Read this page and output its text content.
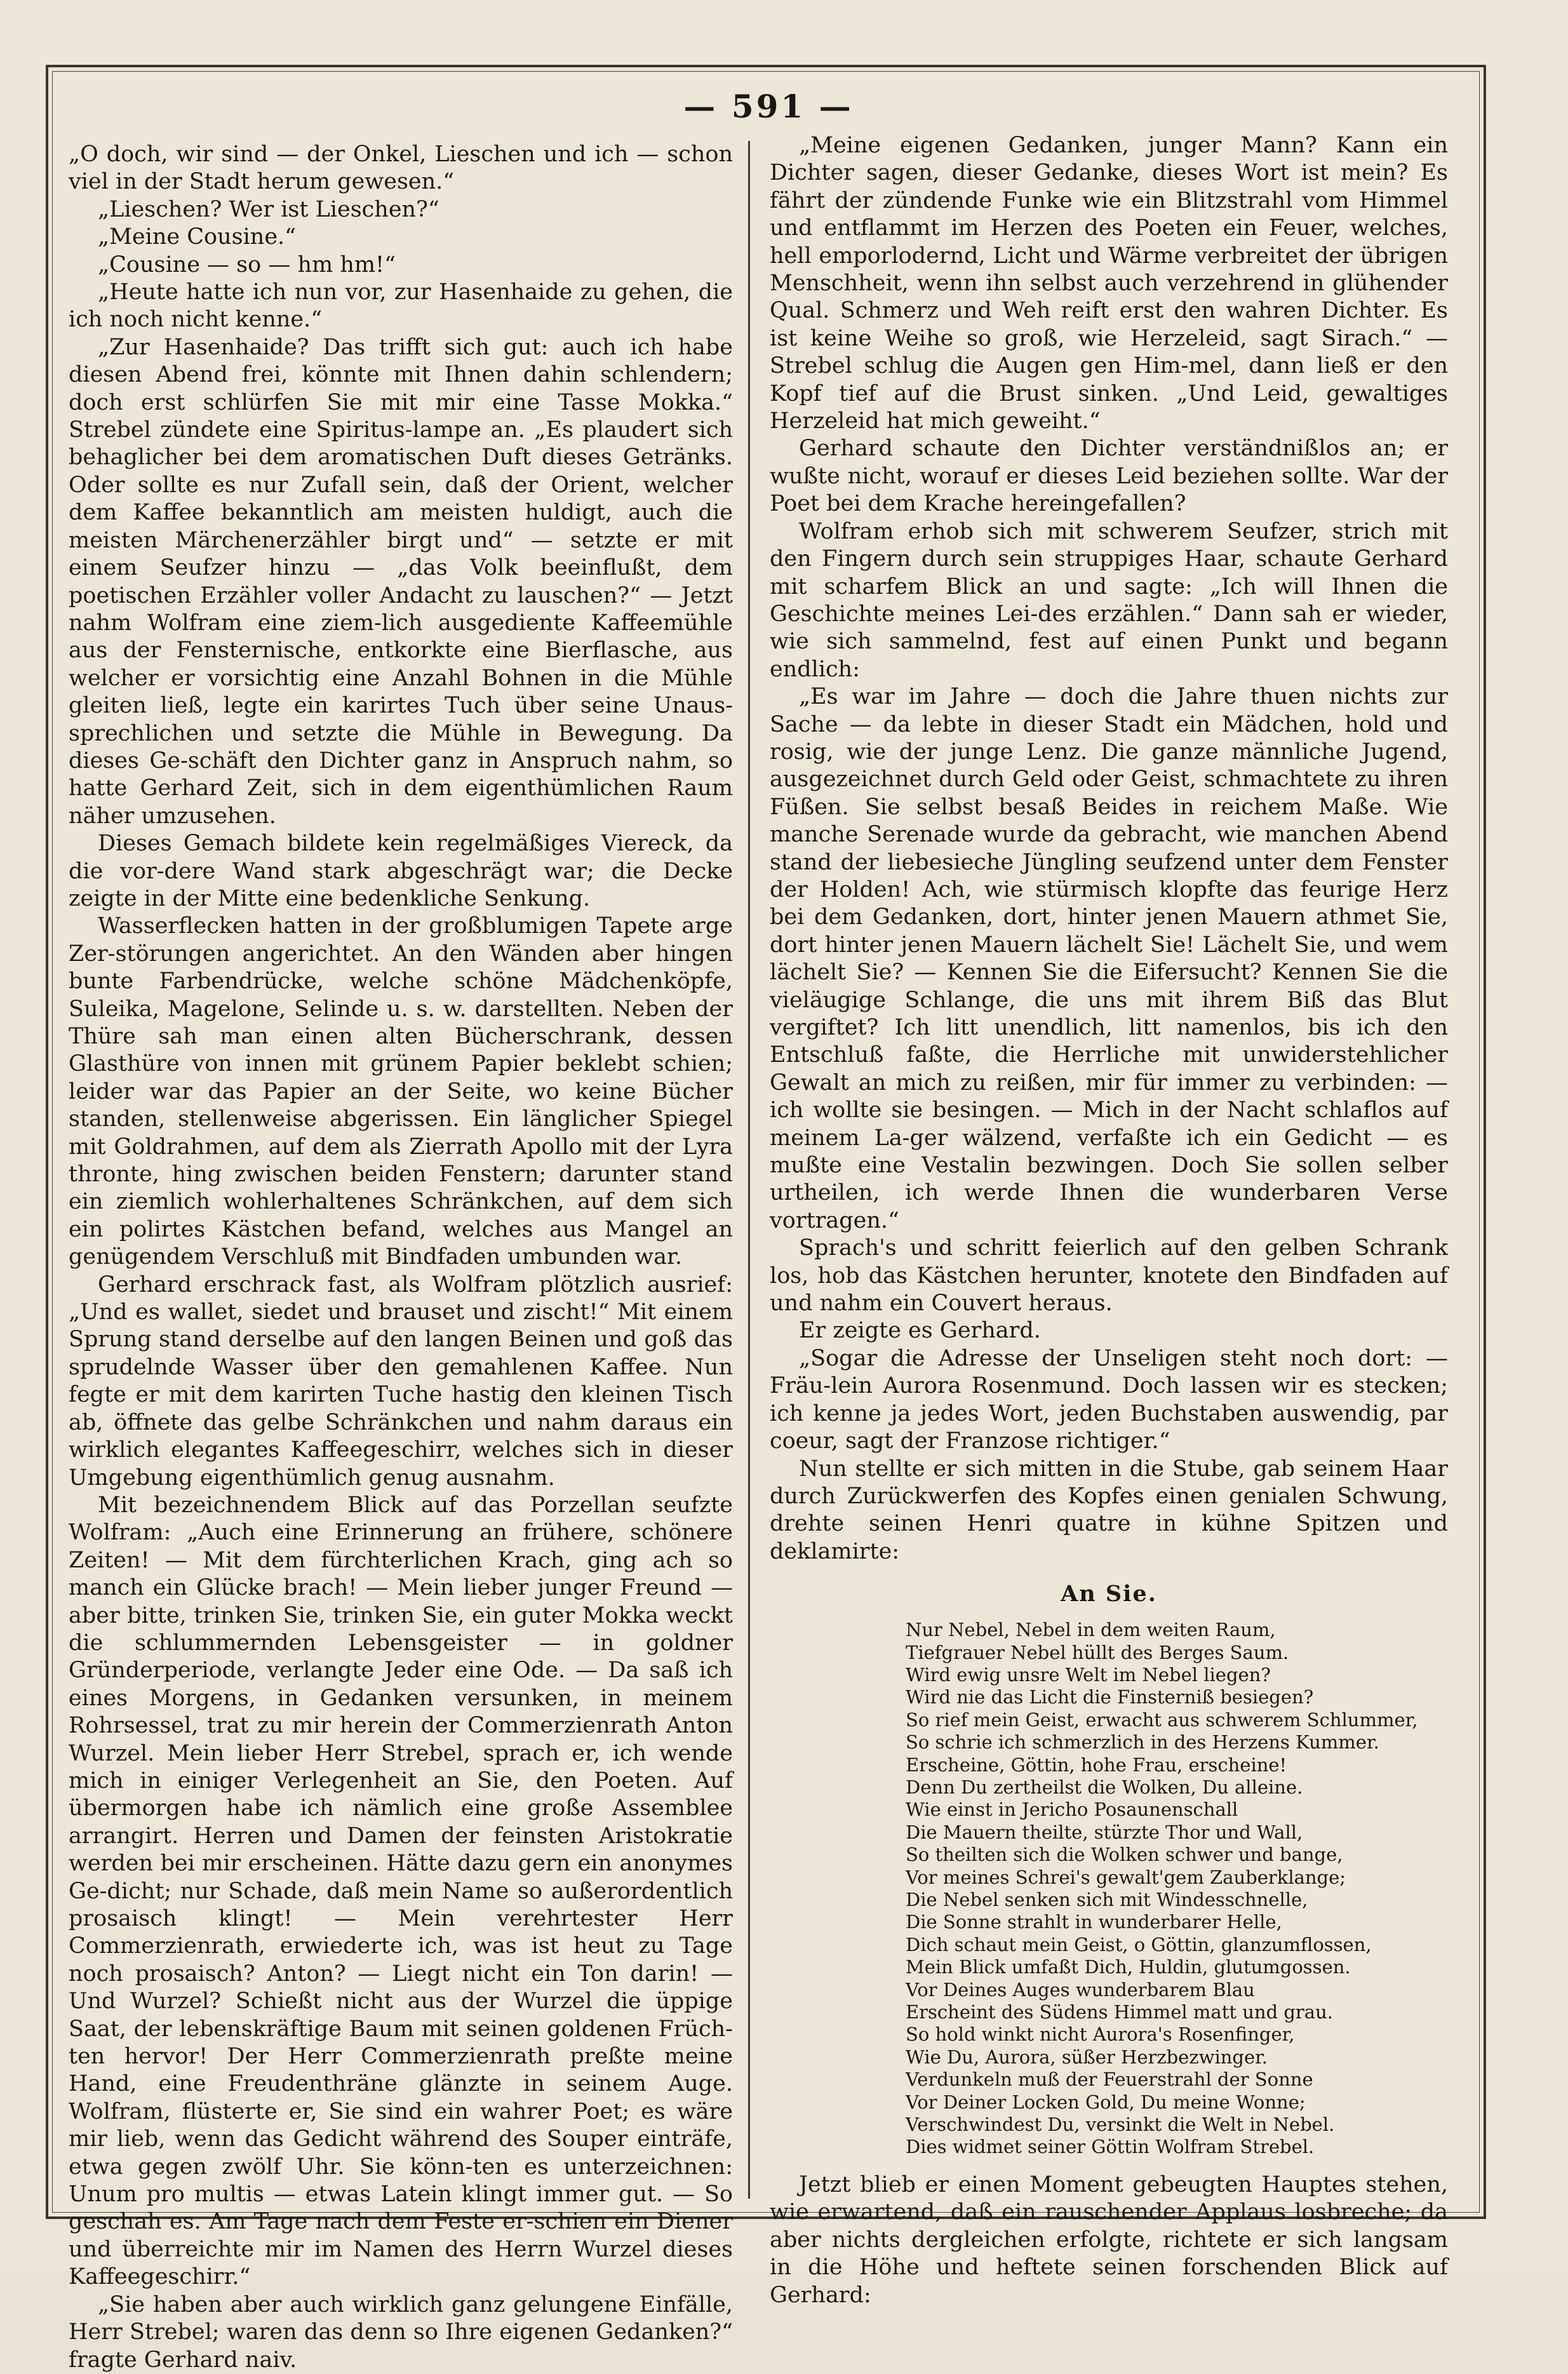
— 591 —

„O doch, wir sind — der Onkel, Lieschen und ich — schon viel in der Stadt herum gewesen.“

„Lieschen? Wer ist Lieschen?“

„Meine Cousine.“

„Cousine — so — hm hm!“

„Heute hatte ich nun vor, zur Hasenhaide zu gehen, die ich noch nicht kenne.“

„Zur Hasenhaide? Das trifft sich gut: auch ich habe diesen Abend frei, könnte mit Ihnen dahin schlendern; doch erst schlürfen Sie mit mir eine Tasse Mokka.“ Strebel zündete eine Spiritus-lampe an. „Es plaudert sich behaglicher bei dem aromatischen Duft dieses Getränks. Oder sollte es nur Zufall sein, daß der Orient, welcher dem Kaffee bekanntlich am meisten huldigt, auch die meisten Märchenerzähler birgt und“ — setzte er mit einem Seufzer hinzu — „das Volk beeinflußt, dem poetischen Erzähler voller Andacht zu lauschen?“ — Jetzt nahm Wolfram eine ziem-lich ausgediente Kaffeemühle aus der Fensternische, entkorkte eine Bierflasche, aus welcher er vorsichtig eine Anzahl Bohnen in die Mühle gleiten ließ, legte ein karirtes Tuch über seine Unaus-sprechlichen und setzte die Mühle in Bewegung. Da dieses Ge-schäft den Dichter ganz in Anspruch nahm, so hatte Gerhard Zeit, sich in dem eigenthümlichen Raum näher umzusehen.

Dieses Gemach bildete kein regelmäßiges Viereck, da die vor-dere Wand stark abgeschrägt war; die Decke zeigte in der Mitte eine bedenkliche Senkung.

Wasserflecken hatten in der großblumigen Tapete arge Zer-störungen angerichtet. An den Wänden aber hingen bunte Farbendrücke, welche schöne Mädchenköpfe, Suleika, Magelone, Selinde u. s. w. darstellten. Neben der Thüre sah man einen alten Bücherschrank, dessen Glasthüre von innen mit grünem Papier beklebt schien; leider war das Papier an der Seite, wo keine Bücher standen, stellenweise abgerissen. Ein länglicher Spiegel mit Goldrahmen, auf dem als Zierrath Apollo mit der Lyra thronte, hing zwischen beiden Fenstern; darunter stand ein ziemlich wohlerhaltenes Schränkchen, auf dem sich ein polirtes Kästchen befand, welches aus Mangel an genügendem Verschluß mit Bindfaden umbunden war.

Gerhard erschrack fast, als Wolfram plötzlich ausrief: „Und es wallet, siedet und brauset und zischt!“ Mit einem Sprung stand derselbe auf den langen Beinen und goß das sprudelnde Wasser über den gemahlenen Kaffee. Nun fegte er mit dem karirten Tuche hastig den kleinen Tisch ab, öffnete das gelbe Schränkchen und nahm daraus ein wirklich elegantes Kaffeegeschirr, welches sich in dieser Umgebung eigenthümlich genug ausnahm.

Mit bezeichnendem Blick auf das Porzellan seufzte Wolfram: „Auch eine Erinnerung an frühere, schönere Zeiten! — Mit dem fürchterlichen Krach, ging ach so manch ein Glücke brach! — Mein lieber junger Freund — aber bitte, trinken Sie, trinken Sie, ein guter Mokka weckt die schlummernden Lebensgeister — in goldner Gründerperiode, verlangte Jeder eine Ode. — Da saß ich eines Morgens, in Gedanken versunken, in meinem Rohrsessel, trat zu mir herein der Commerzienrath Anton Wurzel. Mein lieber Herr Strebel, sprach er, ich wende mich in einiger Verlegenheit an Sie, den Poeten. Auf übermorgen habe ich nämlich eine große Assemblee arrangirt. Herren und Damen der feinsten Aristokratie werden bei mir erscheinen. Hätte dazu gern ein anonymes Ge-dicht; nur Schade, daß mein Name so außerordentlich prosaisch klingt! — Mein verehrtester Herr Commerzienrath, erwiederte ich, was ist heut zu Tage noch prosaisch? Anton? — Liegt nicht ein Ton darin! — Und Wurzel? Schießt nicht aus der Wurzel die üppige Saat, der lebenskräftige Baum mit seinen goldenen Früch-ten hervor! Der Herr Commerzienrath preßte meine Hand, eine Freudenthräne glänzte in seinem Auge. Wolfram, flüsterte er, Sie sind ein wahrer Poet; es wäre mir lieb, wenn das Gedicht während des Souper einträfe, etwa gegen zwölf Uhr. Sie könn-ten es unterzeichnen: Unum pro multis — etwas Latein klingt immer gut. — So geschah es. Am Tage nach dem Feste er-schien ein Diener und überreichte mir im Namen des Herrn Wurzel dieses Kaffeegeschirr.“

„Sie haben aber auch wirklich ganz gelungene Einfälle, Herr Strebel; waren das denn so Ihre eigenen Gedanken?“ fragte Gerhard naiv.

„Meine eigenen Gedanken, junger Mann? Kann ein Dichter sagen, dieser Gedanke, dieses Wort ist mein? Es fährt der zündende Funke wie ein Blitzstrahl vom Himmel und entflammt im Herzen des Poeten ein Feuer, welches, hell emporlodernd, Licht und Wärme verbreitet der übrigen Menschheit, wenn ihn selbst auch verzehrend in glühender Qual. Schmerz und Weh reift erst den wahren Dichter. Es ist keine Weihe so groß, wie Herzeleid, sagt Sirach.“ — Strebel schlug die Augen gen Him-mel, dann ließ er den Kopf tief auf die Brust sinken. „Und Leid, gewaltiges Herzeleid hat mich geweiht.“

Gerhard schaute den Dichter verständnißlos an; er wußte nicht, worauf er dieses Leid beziehen sollte. War der Poet bei dem Krache hereingefallen?

Wolfram erhob sich mit schwerem Seufzer, strich mit den Fingern durch sein struppiges Haar, schaute Gerhard mit scharfem Blick an und sagte: „Ich will Ihnen die Geschichte meines Lei-des erzählen.“ Dann sah er wieder, wie sich sammelnd, fest auf einen Punkt und begann endlich:

„Es war im Jahre — doch die Jahre thuen nichts zur Sache — da lebte in dieser Stadt ein Mädchen, hold und rosig, wie der junge Lenz. Die ganze männliche Jugend, ausgezeichnet durch Geld oder Geist, schmachtete zu ihren Füßen. Sie selbst besaß Beides in reichem Maße. Wie manche Serenade wurde da gebracht, wie manchen Abend stand der liebesieche Jüngling seufzend unter dem Fenster der Holden! Ach, wie stürmisch klopfte das feurige Herz bei dem Gedanken, dort, hinter jenen Mauern athmet Sie, dort hinter jenen Mauern lächelt Sie! Lächelt Sie, und wem lächelt Sie? — Kennen Sie die Eifersucht? Kennen Sie die vieläugige Schlange, die uns mit ihrem Biß das Blut vergiftet? Ich litt unendlich, litt namenlos, bis ich den Entschluß faßte, die Herrliche mit unwiderstehlicher Gewalt an mich zu reißen, mir für immer zu verbinden: — ich wollte sie besingen. — Mich in der Nacht schlaflos auf meinem La-ger wälzend, verfaßte ich ein Gedicht — es mußte eine Vestalin bezwingen. Doch Sie sollen selber urtheilen, ich werde Ihnen die wunderbaren Verse vortragen.“

Sprach's und schritt feierlich auf den gelben Schrank los, hob das Kästchen herunter, knotete den Bindfaden auf und nahm ein Couvert heraus.

Er zeigte es Gerhard.

„Sogar die Adresse der Unseligen steht noch dort: — Fräu-lein Aurora Rosenmund. Doch lassen wir es stecken; ich kenne ja jedes Wort, jeden Buchstaben auswendig, par coeur, sagt der Franzose richtiger.“

Nun stellte er sich mitten in die Stube, gab seinem Haar durch Zurückwerfen des Kopfes einen genialen Schwung, drehte seinen Henri quatre in kühne Spitzen und deklamirte:

An Sie.
Nur Nebel, Nebel in dem weiten Raum,
Tiefgrauer Nebel hüllt des Berges Saum.
Wird ewig unsre Welt im Nebel liegen?
Wird nie das Licht die Finsterniß besiegen?
So rief mein Geist, erwacht aus schwerem Schlummer,
So schrie ich schmerzlich in des Herzens Kummer.
Erscheine, Göttin, hohe Frau, erscheine!
Denn Du zertheilst die Wolken, Du alleine.
Wie einst in Jericho Posaunenschall
Die Mauern theilte, stürzte Thor und Wall,
So theilten sich die Wolken schwer und bange,
Vor meines Schrei's gewalt'gem Zauberklange;
Die Nebel senken sich mit Windesschnelle,
Die Sonne strahlt in wunderbarer Helle,
Dich schaut mein Geist, o Göttin, glanzumflossen,
Mein Blick umfaßt Dich, Huldin, glutumgossen.
Vor Deines Auges wunderbarem Blau
Erscheint des Südens Himmel matt und grau.
So hold winkt nicht Aurora's Rosenfinger,
Wie Du, Aurora, süßer Herzbezwinger.
Verdunkeln muß der Feuerstrahl der Sonne
Vor Deiner Locken Gold, Du meine Wonne;
Verschwindest Du, versinkt die Welt in Nebel.
Dies widmet seiner Göttin Wolfram Strebel.

Jetzt blieb er einen Moment gebeugten Hauptes stehen, wie erwartend, daß ein rauschender Applaus losbreche; da aber nichts dergleichen erfolgte, richtete er sich langsam in die Höhe und heftete seinen forschenden Blick auf Gerhard:
